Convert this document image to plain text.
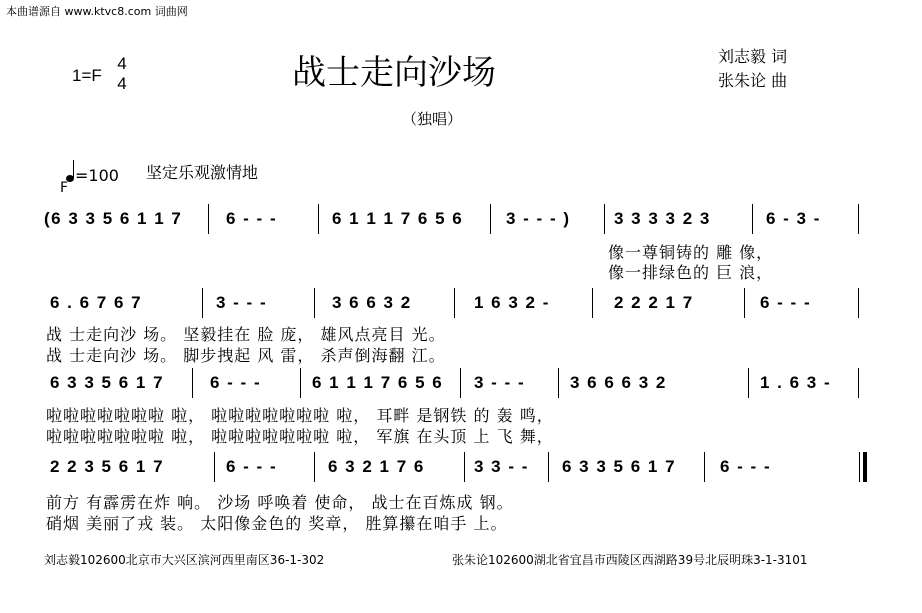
本曲谱源自 www.ktvc8.com 词曲网
1=F
4
4	战士走向沙场
（独唱）
刘志毅 词
张朱论 曲
=100
F
坚定乐观激情地
(6 3 3 5 6 1 1 7	6 - - -	6 1 1 1 7 6 5 6	3 - - - )	3 3 3 3 2 3	6 - 3 -
像一尊铜铸的 雕 像，
像一排绿色的 巨 浪，
6 . 6 7 6 7	3 - - -	3 6 6 3 2	1 6 3 2 -	2 2 2 1 7	6 - - -
战 士走向沙 场。 坚毅挂在 脸 庞， 雄风点亮目 光。
战 士走向沙 场。 脚步拽起 风 雷， 杀声倒海翻 江。
6 3 3 5 6 1 7	6 - - -	6 1 1 1 7 6 5 6 3 - - -	3 6 6 6 3 2	1 . 6 3 -
啦啦啦啦啦啦啦 啦， 啦啦啦啦啦啦啦 啦， 耳畔 是钢铁 的 轰 鸣，
啦啦啦啦啦啦啦 啦， 啦啦啦啦啦啦啦 啦， 军旗 在头顶 上 飞 舞，
2 2 3 5 6 1 7	6 - - -	6 3 2 1 7 6	3 3 - - 6 3 3 5 6 1 7	6 - - -
前方 有霹雳在炸 响。 沙场 呼唤着 使命， 战士在百炼成 钢。
硝烟 美丽了戎 装。 太阳像金色的 奖章， 胜算攥在咱手 上。
刘志毅102600北京市大兴区滨河西里南区36-1-302	张朱论102600湖北省宜昌市西陵区西湖路39号北辰明珠3-1-3101
